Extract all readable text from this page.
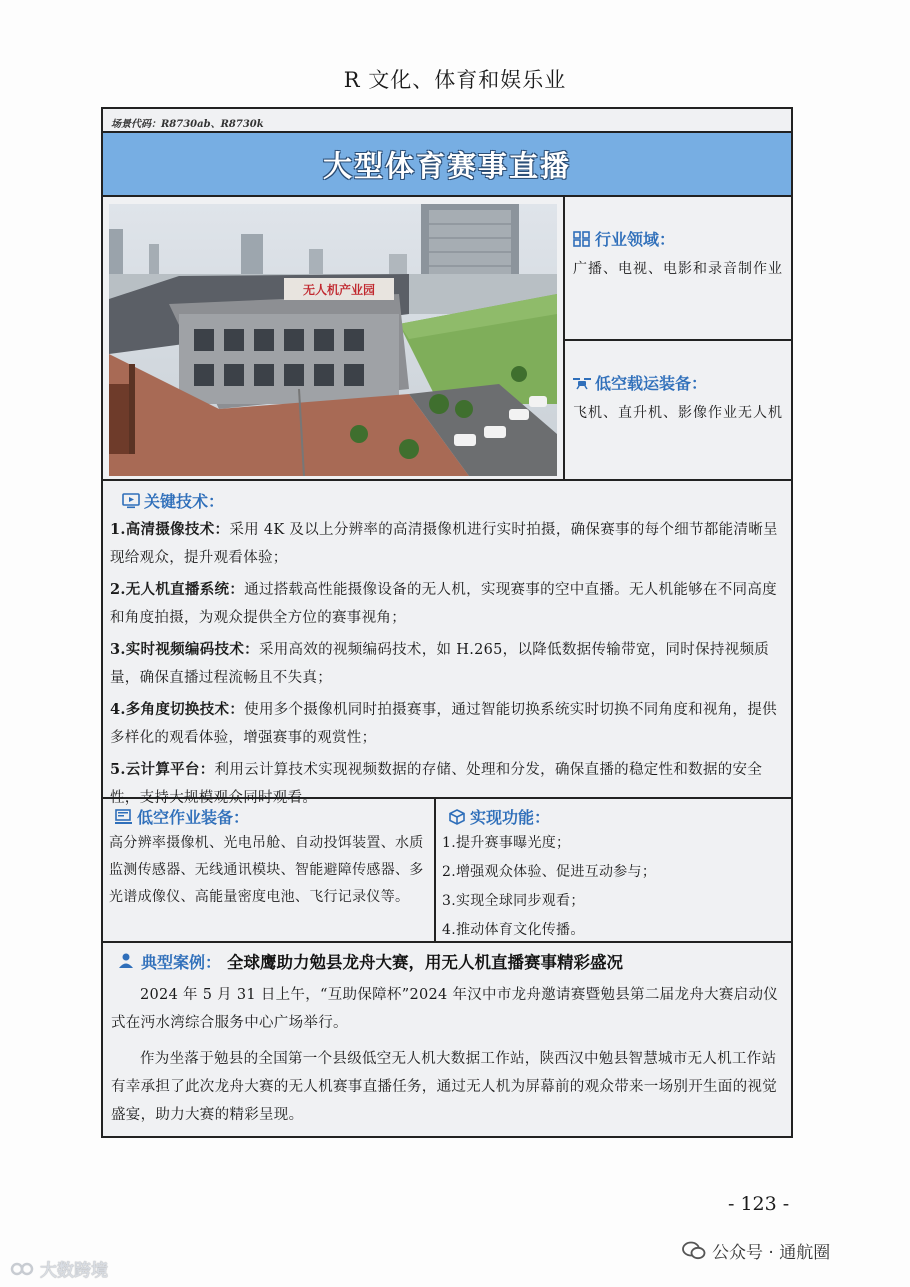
R 文化、体育和娱乐业
场景代码：R8730ab、R8730k
大型体育赛事直播
无人机产业园
行业领域：
广播、电视、电影和录音制作业
低空载运装备：
飞机、直升机、影像作业无人机
关键技术：

1.高清摄像技术：采用 4K 及以上分辨率的高清摄像机进行实时拍摄，确保赛事的每个细节都能清晰呈现给观众，提升观看体验；

2.无人机直播系统：通过搭载高性能摄像设备的无人机，实现赛事的空中直播。无人机能够在不同高度和角度拍摄，为观众提供全方位的赛事视角；

3.实时视频编码技术：采用高效的视频编码技术，如 H.265，以降低数据传输带宽，同时保持视频质量，确保直播过程流畅且不失真；

4.多角度切换技术：使用多个摄像机同时拍摄赛事，通过智能切换系统实时切换不同角度和视角，提供多样化的观看体验，增强赛事的观赏性；

5.云计算平台：利用云计算技术实现视频数据的存储、处理和分发，确保直播的稳定性和数据的安全性，支持大规模观众同时观看。

低空作业装备：

高分辨率摄像机、光电吊舱、自动投饵装置、水质监测传感器、无线通讯模块、智能避障传感器、多光谱成像仪、高能量密度电池、飞行记录仪等。

实现功能：

1.提升赛事曝光度；

2.增强观众体验、促进互动参与；

3.实现全球同步观看；

4.推动体育文化传播。

典型案例： 全球鹰助力勉县龙舟大赛，用无人机直播赛事精彩盛况

2024 年 5 月 31 日上午，“互助保障杯”2024 年汉中市龙舟邀请赛暨勉县第二届龙舟大赛启动仪式在沔水湾综合服务中心广场举行。

作为坐落于勉县的全国第一个县级低空无人机大数据工作站，陕西汉中勉县智慧城市无人机工作站有幸承担了此次龙舟大赛的无人机赛事直播任务，通过无人机为屏幕前的观众带来一场别开生面的视觉盛宴，助力大赛的精彩呈现。

- 123 -
大数跨境
公众号 · 通航圈
